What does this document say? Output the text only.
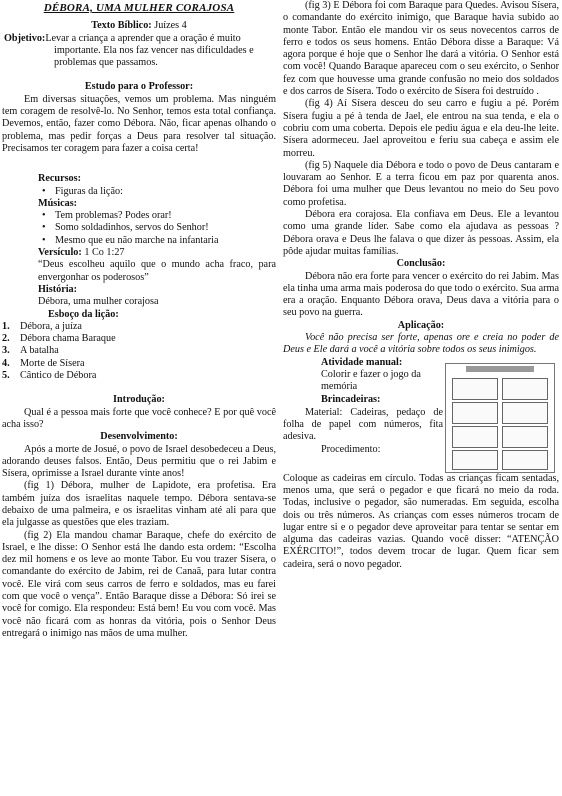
DÉBORA, UMA MULHER CORAJOSA

Texto Bíblico: Juízes 4

Objetivo:Levar a criança a aprender que a oração é muito importante. Ela nos faz vencer nas dificuldades e problemas que passamos.

Estudo para o Professor:

Em diversas situações, vemos um problema. Mas ninguém tem coragem de resolvê-lo. No Senhor, temos esta total confiança. Devemos, então, fazer como Débora. Não, ficar apenas olhando o problema, mas pedir forças a Deus para resolver tal situação. Precisamos ter coragem para fazer a coisa certa!

Recursos:

• Figuras da lição:

Músicas:

• Tem problemas? Podes orar!
• Somo soldadinhos, servos do Senhor!
• Mesmo que eu não marche na infantaria

Versículo: 1 Co 1:27

“Deus escolheu aquilo que o mundo acha fraco, para envergonhar os poderosos”

História:

Débora, uma mulher corajosa

Esboço da lição:

1. Débora, a juíza
2. Débora chama Baraque
3. A batalha
4. Morte de Sísera
5. Cântico de Débora

Introdução:

Qual é a pessoa mais forte que você conhece? E por quê você acha isso?

Desenvolvimento:

Após a morte de Josué, o povo de Israel desobedeceu a Deus, adorando deuses falsos. Então, Deus permitiu que o rei Jabim e Sísera, oprimisse a Israel durante vinte anos!

(fig 1) Débora, mulher de Lapidote, era profetisa. Era também juíza dos israelitas naquele tempo. Débora sentava-se debaixo de uma palmeira, e os israelitas vinham até ali para que ela julgasse as questões que eles traziam.

(fig 2) Ela mandou chamar Baraque, chefe do exército de Israel, e lhe disse: O Senhor está lhe dando esta ordem: “Escolha dez mil homens e os leve ao monte Tabor. Eu vou trazer Sísera, o comandante do exército de Jabim, rei de Canaã, para lutar contra você. Ele virá com seus carros de ferro e soldados, mas eu farei com que você o vença”. Então Baraque disse a Débora: Só irei se você for comigo. Ela respondeu: Está bem! Eu vou com você. Mas você não ficará com as honras da vitória, pois o Senhor Deus entregará o inimigo nas mãos de uma mulher.

(fig 3) E Débora foi com Baraque para Quedes. Avisou Sísera, o comandante do exército inimigo, que Baraque havia subido ao monte Tabor. Então ele mandou vir os seus novecentos carros de ferro e todos os seus homens. Então Débora disse a Baraque: Vá agora porque é hoje que o Senhor lhe dará a vitória. O Senhor está com você! Quando Baraque apareceu com o seu exército, o Senhor fez com que houvesse uma grande confusão no meio dos soldados e dos carros de Sísera. Todo o exército de Sísera foi destruído .

(fig 4) Aí Sísera desceu do seu carro e fugiu a pé. Porém Sísera fugiu a pé à tenda de Jael, ele entrou na sua tenda, e ela o cobriu com uma coberta. Depois ele pediu água e ela deu-lhe leite. Sísera adormeceu. Jael aproveitou e feriu sua cabeça e assim ele morreu.

(fig 5) Naquele dia Débora e todo o povo de Deus cantaram e louvaram ao Senhor. E a terra ficou em paz por quarenta anos. Débora foi uma mulher que Deus levantou no meio do Seu povo como profetisa.

Débora era corajosa. Ela confiava em Deus. Ele a levantou como uma grande líder. Sabe como ela ajudava as pessoas ? Débora orava e Deus lhe falava o que dizer às pessoas. Assim, ela pôde ajudar muitas famílias.

Conclusão:

Débora não era forte para vencer o exército do rei Jabim. Mas ela tinha uma arma mais poderosa do que todo o exército. Sua arma era a oração. Enquanto Débora orava, Deus dava a vitória para o seu povo na guerra.

Aplicação:

Você não precisa ser forte, apenas ore e creia no poder de Deus e Ele dará a você a vitória sobre todos os seus inimigos.

Atividade manual:

Colorir e fazer o jogo da memória

Brincadeiras:

Material: Cadeiras, pedaço de folha de papel com números, fita adesiva.

Procedimento:

Coloque as cadeiras em círculo. Todas as crianças ficam sentadas, menos uma, que será o pegador e que ficará no meio da roda. Todas, inclusive o pegador, são numeradas. Em seguida, escolha dois ou três números. As crianças com esses números trocam de lugar entre si e o pegador deve aproveitar para tentar se sentar em alguma das cadeiras vazias. Quando você disser: “ATENÇÃO EXÉRCITO!”, todos devem trocar de lugar. Quem ficar sem cadeira, será o novo pegador.
